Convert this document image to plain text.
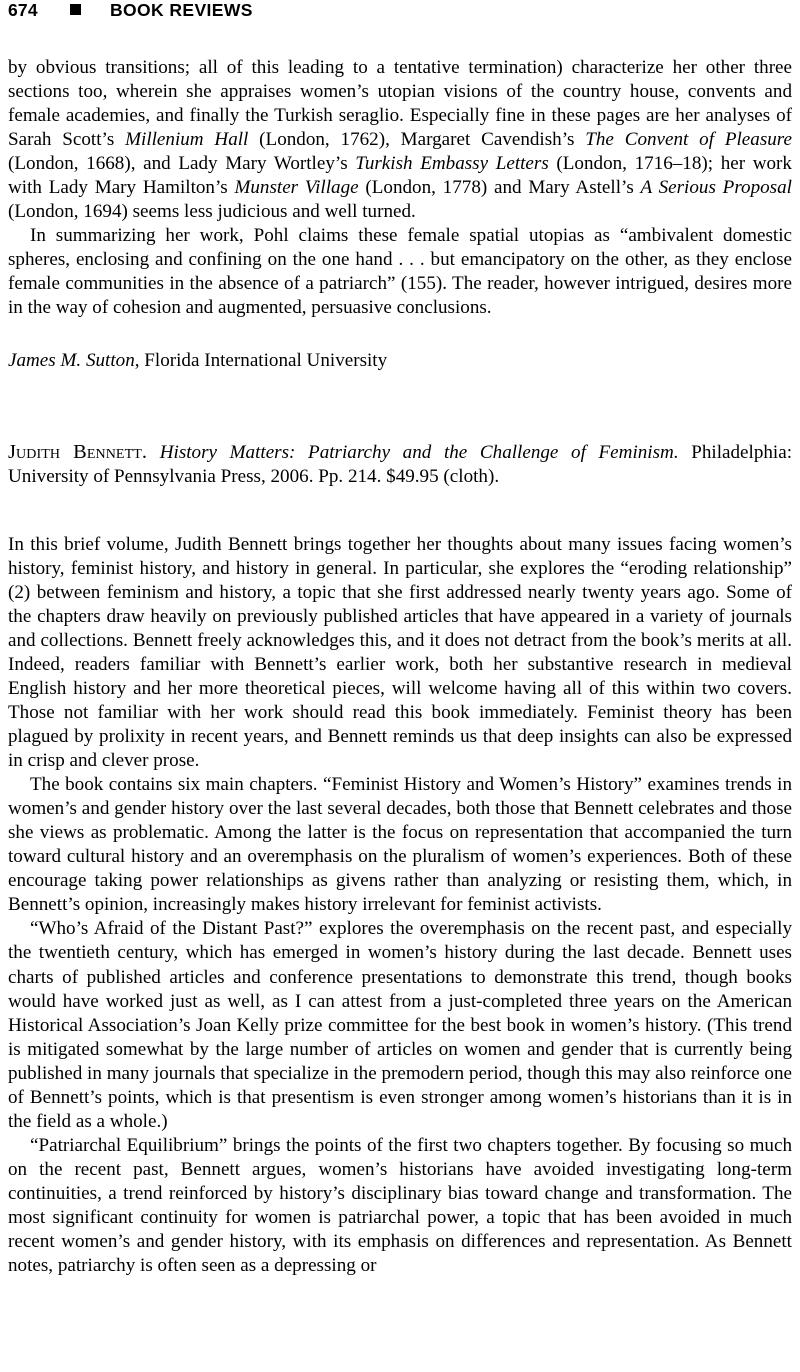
674	BOOK REVIEWS

by obvious transitions; all of this leading to a tentative termination) characterize her other three sections too, wherein she appraises women’s utopian visions of the country house, convents and female academies, and finally the Turkish seraglio. Especially fine in these pages are her analyses of Sarah Scott’s Millenium Hall (London, 1762), Margaret Cavendish’s The Convent of Pleasure (London, 1668), and Lady Mary Wortley’s Turkish Embassy Letters (London, 1716–18); her work with Lady Mary Hamilton’s Munster Village (London, 1778) and Mary Astell’s A Serious Proposal (London, 1694) seems less judicious and well turned.

In summarizing her work, Pohl claims these female spatial utopias as “ambivalent domestic spheres, enclosing and confining on the one hand . . . but emancipatory on the other, as they enclose female communities in the absence of a patriarch” (155). The reader, however intrigued, desires more in the way of cohesion and augmented, persuasive conclusions.

James M. Sutton, Florida International University

Judith Bennett. History Matters: Patriarchy and the Challenge of Feminism. Philadelphia: University of Pennsylvania Press, 2006. Pp. 214. $49.95 (cloth).

In this brief volume, Judith Bennett brings together her thoughts about many issues facing women’s history, feminist history, and history in general. In particular, she explores the “eroding relationship” (2) between feminism and history, a topic that she first addressed nearly twenty years ago. Some of the chapters draw heavily on previously published articles that have appeared in a variety of journals and collections. Bennett freely acknowledges this, and it does not detract from the book’s merits at all. Indeed, readers familiar with Bennett’s earlier work, both her substantive research in medieval English history and her more theoretical pieces, will welcome having all of this within two covers. Those not familiar with her work should read this book immediately. Feminist theory has been plagued by prolixity in recent years, and Bennett reminds us that deep insights can also be expressed in crisp and clever prose.

The book contains six main chapters. “Feminist History and Women’s History” examines trends in women’s and gender history over the last several decades, both those that Bennett celebrates and those she views as problematic. Among the latter is the focus on representation that accompanied the turn toward cultural history and an overemphasis on the pluralism of women’s experiences. Both of these encourage taking power relationships as givens rather than analyzing or resisting them, which, in Bennett’s opinion, increasingly makes history irrelevant for feminist activists.

“Who’s Afraid of the Distant Past?” explores the overemphasis on the recent past, and especially the twentieth century, which has emerged in women’s history during the last decade. Bennett uses charts of published articles and conference presentations to demonstrate this trend, though books would have worked just as well, as I can attest from a just-completed three years on the American Historical Association’s Joan Kelly prize committee for the best book in women’s history. (This trend is mitigated somewhat by the large number of articles on women and gender that is currently being published in many journals that specialize in the premodern period, though this may also reinforce one of Bennett’s points, which is that presentism is even stronger among women’s historians than it is in the field as a whole.)

“Patriarchal Equilibrium” brings the points of the first two chapters together. By focusing so much on the recent past, Bennett argues, women’s historians have avoided investigating long-term continuities, a trend reinforced by history’s disciplinary bias toward change and transformation. The most significant continuity for women is patriarchal power, a topic that has been avoided in much recent women’s and gender history, with its emphasis on differences and representation. As Bennett notes, patriarchy is often seen as a depressing or
